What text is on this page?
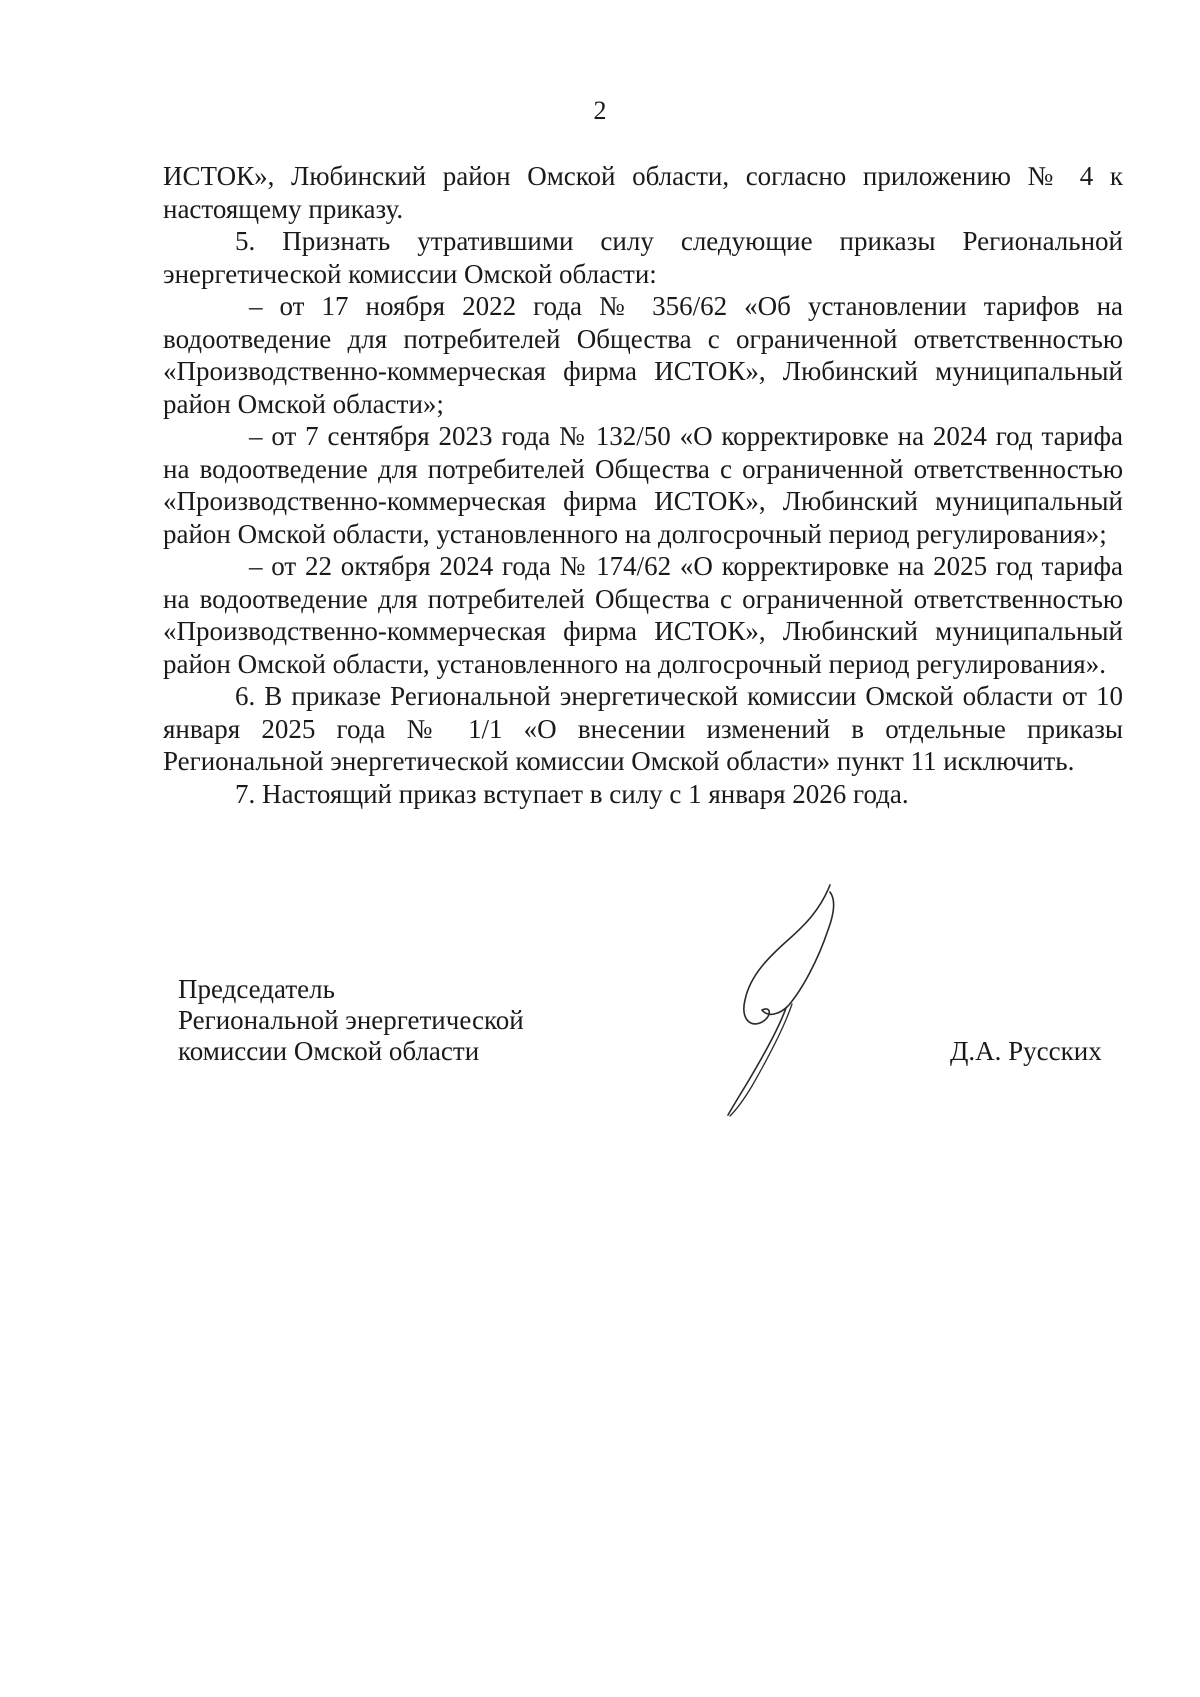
2

ИСТОК», Любинский район Омской области, согласно приложению № 4 к настоящему приказу.

5. Признать утратившими силу следующие приказы Региональной энергетической комиссии Омской области:

– от 17 ноября 2022 года № 356/62 «Об установлении тарифов на водоотведение для потребителей Общества с ограниченной ответственностью «Производственно-коммерческая фирма ИСТОК», Любинский муниципальный район Омской области»;

– от 7 сентября 2023 года № 132/50 «О корректировке на 2024 год тарифа на водоотведение для потребителей Общества с ограниченной ответственностью «Производственно-коммерческая фирма ИСТОК», Любинский муниципальный район Омской области, установленного на долгосрочный период регулирования»;

– от 22 октября 2024 года № 174/62 «О корректировке на 2025 год тарифа на водоотведение для потребителей Общества с ограниченной ответственностью «Производственно-коммерческая фирма ИСТОК», Любинский муниципальный район Омской области, установленного на долгосрочный период регулирования».

6. В приказе Региональной энергетической комиссии Омской области от 10 января 2025 года № 1/1 «О внесении изменений в отдельные приказы Региональной энергетической комиссии Омской области» пункт 11 исключить.

7. Настоящий приказ вступает в силу с 1 января 2026 года.

Председатель
Региональной энергетической
комиссии Омской области	Д.А. Русских
